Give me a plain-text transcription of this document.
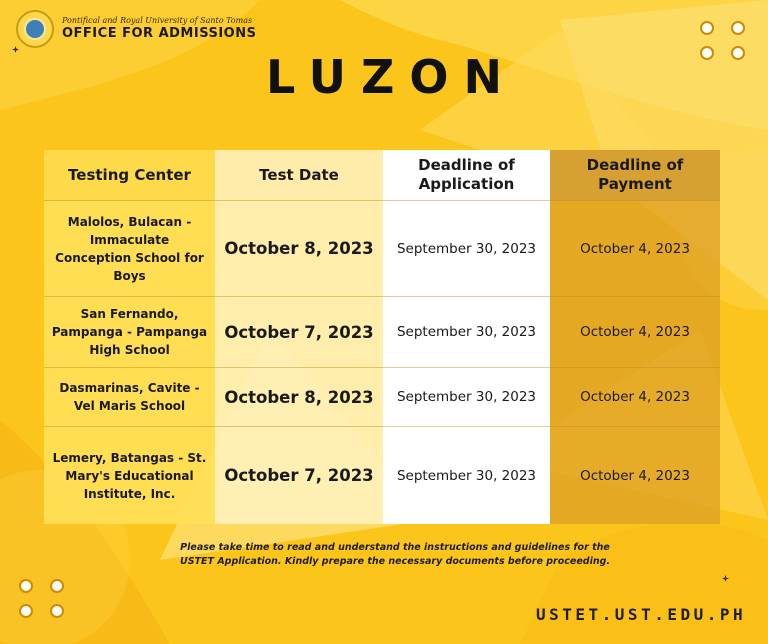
Pontifical and Royal University of Santo Tomas
OFFICE FOR ADMISSIONS
LUZON
Testing Center	Test Date	Deadline of Application	Deadline of Payment
Malolos, Bulacan - Immaculate Conception School for Boys	October 8, 2023	September 30, 2023	October 4, 2023
San Fernando, Pampanga - Pampanga High School	October 7, 2023	September 30, 2023	October 4, 2023
Dasmarinas, Cavite - Vel Maris School	October 8, 2023	September 30, 2023	October 4, 2023
Lemery, Batangas - St. Mary's Educational Institute, Inc.	October 7, 2023	September 30, 2023	October 4, 2023
Please take time to read and understand the instructions and guidelines for the USTET Application. Kindly prepare the necessary documents before proceeding.
USTET.UST.EDU.PH
